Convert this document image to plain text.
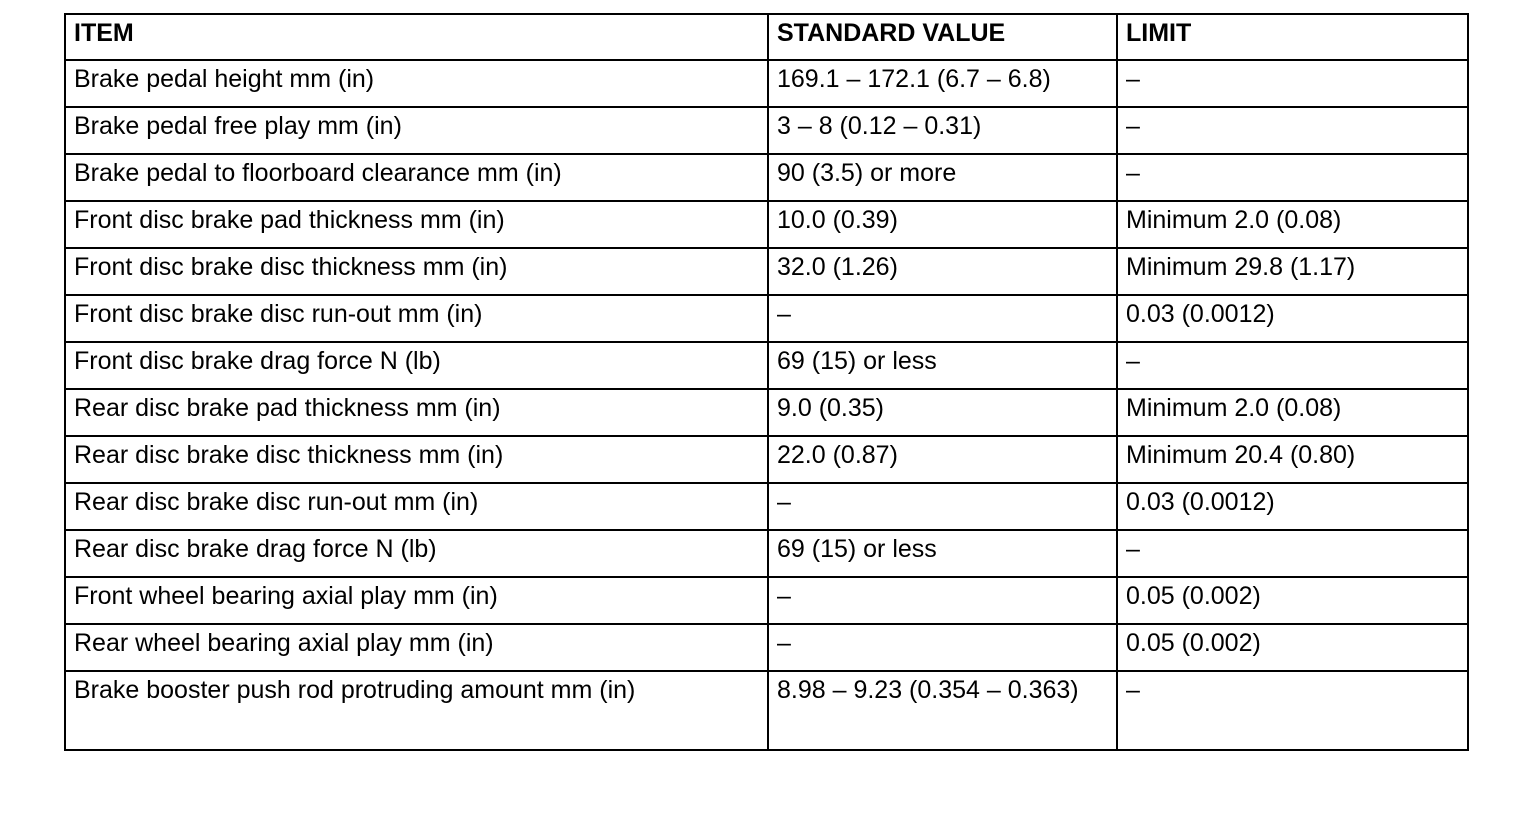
ITEM	STANDARD VALUE	LIMIT
Brake pedal height mm (in)	169.1 – 172.1 (6.7 – 6.8)	–
Brake pedal free play mm (in)	3 – 8 (0.12 – 0.31)	–
Brake pedal to floorboard clearance mm (in)	90 (3.5) or more	–
Front disc brake pad thickness mm (in)	10.0 (0.39)	Minimum 2.0 (0.08)
Front disc brake disc thickness mm (in)	32.0 (1.26)	Minimum 29.8 (1.17)
Front disc brake disc run-out mm (in)	–	0.03 (0.0012)
Front disc brake drag force N (lb)	69 (15) or less	–
Rear disc brake pad thickness mm (in)	9.0 (0.35)	Minimum 2.0 (0.08)
Rear disc brake disc thickness mm (in)	22.0 (0.87)	Minimum 20.4 (0.80)
Rear disc brake disc run-out mm (in)	–	0.03 (0.0012)
Rear disc brake drag force N (lb)	69 (15) or less	–
Front wheel bearing axial play mm (in)	–	0.05 (0.002)
Rear wheel bearing axial play mm (in)	–	0.05 (0.002)
Brake booster push rod protruding amount mm (in)	8.98 – 9.23 (0.354 – 0.363)	–
